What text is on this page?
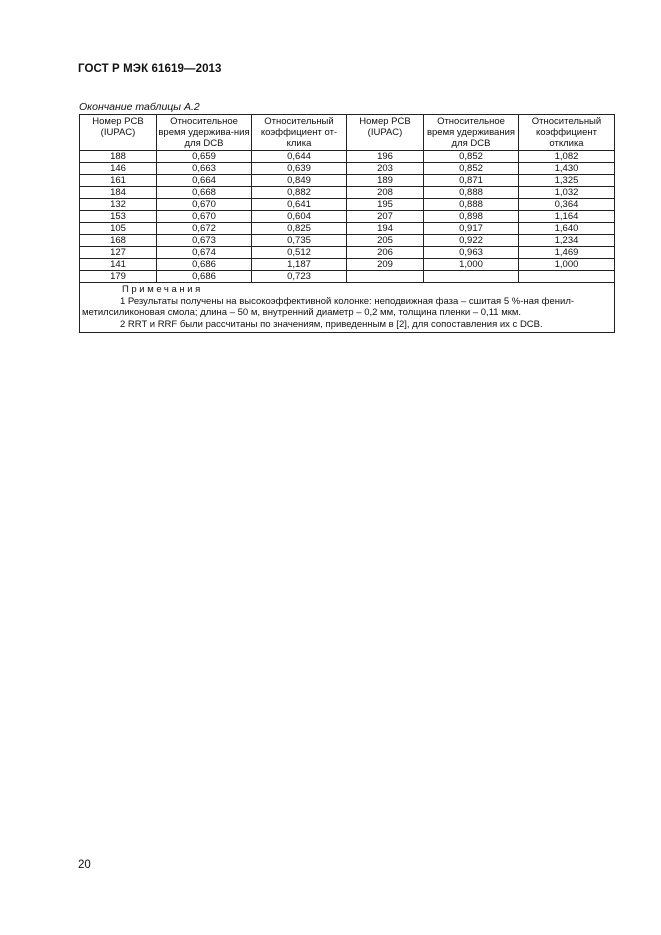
ГОСТ Р МЭК 61619—2013
Окончание таблицы А.2
Номер PCB (IUPAC)	Относительное время удержива-ния для DCB	Относительный коэффициент от-клика	Номер PCB (IUPAC)	Относительное время удерживания для DCB	Относительный коэффициент отклика
188	0,659	0,644	196	0,852	1,082
146	0,663	0,639	203	0,852	1,430
161	0,664	0,849	189	0,871	1,325
184	0,668	0,882	208	0,888	1,032
132	0,670	0,641	195	0,888	0,364
153	0,670	0,604	207	0,898	1,164
105	0,672	0,825	194	0,917	1,640
168	0,673	0,735	205	0,922	1,234
127	0,674	0,512	206	0,963	1,469
141	0,686	1,187	209	1,000	1,000
179	0,686	0,723			

Примечания
1 Результаты получены на высокоэффективной колонке: неподвижная фаза – сшитая 5 %-ная фенил-
метилсиликоновая смола; длина – 50 м, внутренний диаметр – 0,2 мм, толщина пленки – 0,11 мкм.
2 RRT и RRF были рассчитаны по значениям, приведенным в [2], для сопоставления их с DCB.					
20
